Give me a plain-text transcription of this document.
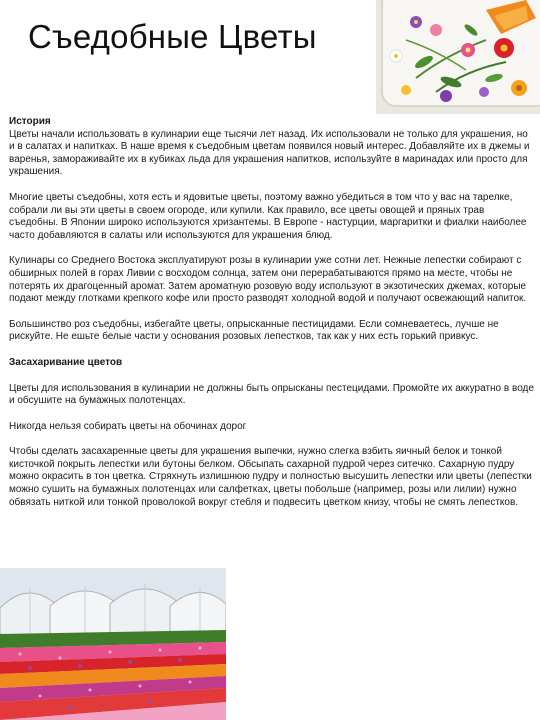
Съедобные Цветы
История

Цветы начали использовать в кулинарии еще тысячи лет назад. Их использовали не только для украшения, но и в салатах и напитках. В наше время к съедобным цветам появился новый интерес. Добавляйте их в джемы и варенья, замораживайте их в кубиках льда для украшения напитков, используйте в маринадах или просто для украшения.

Многие цветы съедобны, хотя есть и ядовитые цветы, поэтому важно убедиться в том что у вас на тарелке, собрали ли вы эти цветы в своем огороде, или купили. Как правило, все цветы овощей и пряных трав съедобны. В Японии широко используются хризантемы. В Европе - настурции, маргаритки и фиалки наиболее часто добавляются в салаты или используются для украшения блюд.

Кулинары со Среднего Востока эксплуатируют розы в кулинарии уже сотни лет. Нежные лепестки собирают с обширных полей в горах Ливии с восходом солнца, затем они перерабатываются прямо на месте, чтобы не потерять их драгоценный аромат. Затем ароматную розовую воду используют в экзотических джемах, которые подают между глотками крепкого кофе или просто разводят холодной водой и получают освежающий напиток.

Большинство роз съедобны, избегайте цветы, опрысканные пестицидами. Если сомневаетесь, лучше не рискуйте. Не ешьте белые части у основания розовых лепестков, так как у них есть горький привкус.

Засахаривание цветов

Цветы для использования в кулинарии не должны быть опрысканы пестецидами. Промойте их аккуратно в воде и обсушите на бумажных полотенцах.

Никогда нельзя собирать цветы на обочинах дорог

Чтобы сделать засахаренные цветы для украшения выпечки, нужно слегка взбить яичный белок и тонкой кисточкой покрыть лепестки или бутоны белком. Обсыпать сахарной пудрой через ситечко. Сахарную пудру можно окрасить в тон цветка. Стряхнуть излишнюю пудру и полностью высушить лепестки или цветы (лепестки можно сушить на бумажных полотенцах или салфетках, цветы побольше (например, розы или лилии) нужно обвязать ниткой или тонкой проволокой вокруг стебля и подвесить цветком книзу, чтобы не смять лепестков.
